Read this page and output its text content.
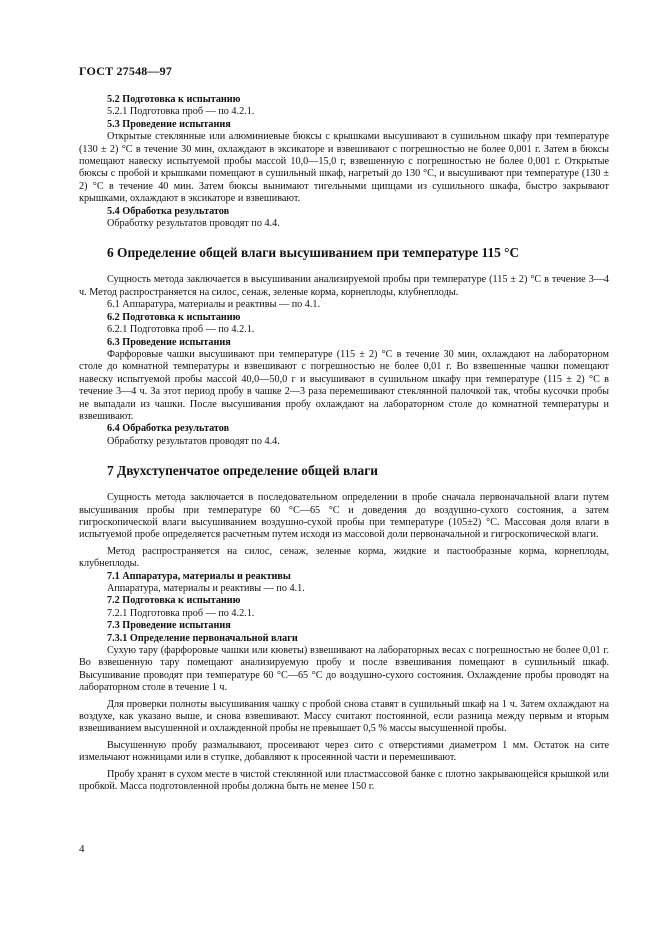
ГОСТ 27548—97

5.2 Подготовка к испытанию

5.2.1 Подготовка проб — по 4.2.1.

5.3 Проведение испытания

Открытые стеклянные или алюминиевые бюксы с крышками высушивают в сушильном шкафу при температуре (130 ± 2) °С в течение 30 мин, охлаждают в эксикаторе и взвешивают с погрешностью не более 0,001 г. Затем в бюксы помещают навеску испытуемой пробы массой 10,0—15,0 г, взвешенную с погрешностью не более 0,001 г. Открытые бюксы с пробой и крышками помещают в сушильный шкаф, нагретый до 130 °С, и высушивают при температуре (130 ± 2) °С в течение 40 мин. Затем бюксы вынимают тигельными щипцами из сушильного шкафа, быстро закрывают крышками, охлаждают в эксикаторе и взвешивают.

5.4 Обработка результатов

Обработку результатов проводят по 4.4.

6 Определение общей влаги высушиванием при температуре 115 °С

Сущность метода заключается в высушивании анализируемой пробы при температуре (115 ± 2) °С в течение 3—4 ч. Метод распространяется на силос, сенаж, зеленые корма, корнеплоды, клубнеплоды.

6.1 Аппаратура, материалы и реактивы — по 4.1.

6.2 Подготовка к испытанию

6.2.1 Подготовка проб — по 4.2.1.

6.3 Проведение испытания

Фарфоровые чашки высушивают при температуре (115 ± 2) °С в течение 30 мин, охлаждают на лабораторном столе до комнатной температуры и взвешивают с погрешностью не более 0,01 г. Во взвешенные чашки помещают навеску испытуемой пробы массой 40,0—50,0 г и высушивают в сушильном шкафу при температуре (115 ± 2) °С в течение 3—4 ч. За этот период пробу в чашке 2—3 раза перемешивают стеклянной палочкой так, чтобы кусочки пробы не выпадали из чашки. После высушивания пробу охлаждают на лабораторном столе до комнатной температуры и взвешивают.

6.4 Обработка результатов

Обработку результатов проводят по 4.4.

7 Двухступенчатое определение общей влаги

Сущность метода заключается в последовательном определении в пробе сначала первоначальной влаги путем высушивания пробы при температуре 60 °С—65 °С и доведения до воздушно-сухого состояния, а затем гигроскопической влаги высушиванием воздушно-сухой пробы при температуре (105±2) °С. Массовая доля влаги в испытуемой пробе определяется расчетным путем исходя из массовой доли первоначальной и гигроскопической влаги.

Метод распространяется на силос, сенаж, зеленые корма, жидкие и пастообразные корма, корнеплоды, клубнеплоды.

7.1 Аппаратура, материалы и реактивы

Аппаратура, материалы и реактивы — по 4.1.

7.2 Подготовка к испытанию

7.2.1 Подготовка проб — по 4.2.1.

7.3 Проведение испытания

7.3.1 Определение первоначальной влаги

Сухую тару (фарфоровые чашки или кюветы) взвешивают на лабораторных весах с погрешностью не более 0,01 г. Во взвешенную тару помещают анализируемую пробу и после взвешивания помещают в сушильный шкаф. Высушивание проводят при температуре 60 °С—65 °С до воздушно-сухого состояния. Охлаждение пробы проводят на лабораторном столе в течение 1 ч.

Для проверки полноты высушивания чашку с пробой снова ставят в сушильный шкаф на 1 ч. Затем охлаждают на воздухе, как указано выше, и снова взвешивают. Массу считают постоянной, если разница между первым и вторым взвешиванием высушенной и охлажденной пробы не превышает 0,5 % массы высушенной пробы.

Высушенную пробу размалывают, просеивают через сито с отверстиями диаметром 1 мм. Остаток на сите измельчают ножницами или в ступке, добавляют к просеянной части и перемешивают.

Пробу хранят в сухом месте в чистой стеклянной или пластмассовой банке с плотно закрывающейся крышкой или пробкой. Масса подготовленной пробы должна быть не менее 150 г.

4
